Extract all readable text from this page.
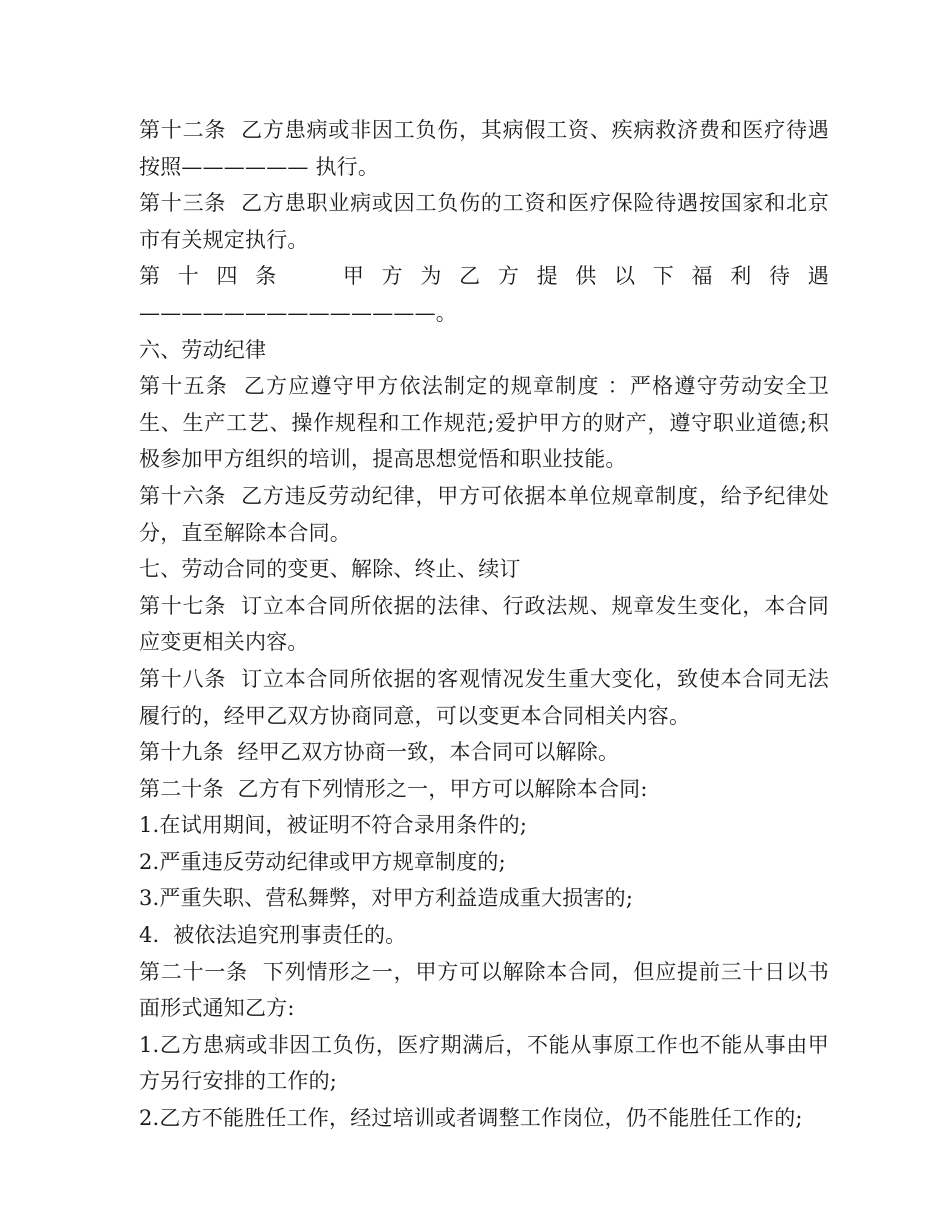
第十二条  乙方患病或非因工负伤，其病假工资、疾病救济费和医疗待遇按照—————— 执行。

第十三条  乙方患职业病或因工负伤的工资和医疗保险待遇按国家和北京市有关规定执行。

第十四条  甲方为乙方提供以下福利待遇——————————————。

六、劳动纪律

第十五条  乙方应遵守甲方依法制定的规章制度 ：严格遵守劳动安全卫生、生产工艺、操作规程和工作规范;爱护甲方的财产，遵守职业道德;积极参加甲方组织的培训，提高思想觉悟和职业技能。

第十六条  乙方违反劳动纪律，甲方可依据本单位规章制度，给予纪律处分，直至解除本合同。

七、劳动合同的变更、解除、终止、续订

第十七条  订立本合同所依据的法律、行政法规、规章发生变化，本合同应变更相关内容。

第十八条  订立本合同所依据的客观情况发生重大变化，致使本合同无法履行的，经甲乙双方协商同意，可以变更本合同相关内容。

第十九条  经甲乙双方协商一致，本合同可以解除。

第二十条  乙方有下列情形之一，甲方可以解除本合同:

1.在试用期间，被证明不符合录用条件的;

2.严重违反劳动纪律或甲方规章制度的;

3.严重失职、营私舞弊，对甲方利益造成重大损害的;

4.  被依法追究刑事责任的。

第二十一条  下列情形之一，甲方可以解除本合同，但应提前三十日以书面形式通知乙方:

1.乙方患病或非因工负伤，医疗期满后，不能从事原工作也不能从事由甲方另行安排的工作的;

2.乙方不能胜任工作，经过培训或者调整工作岗位，仍不能胜任工作的;
